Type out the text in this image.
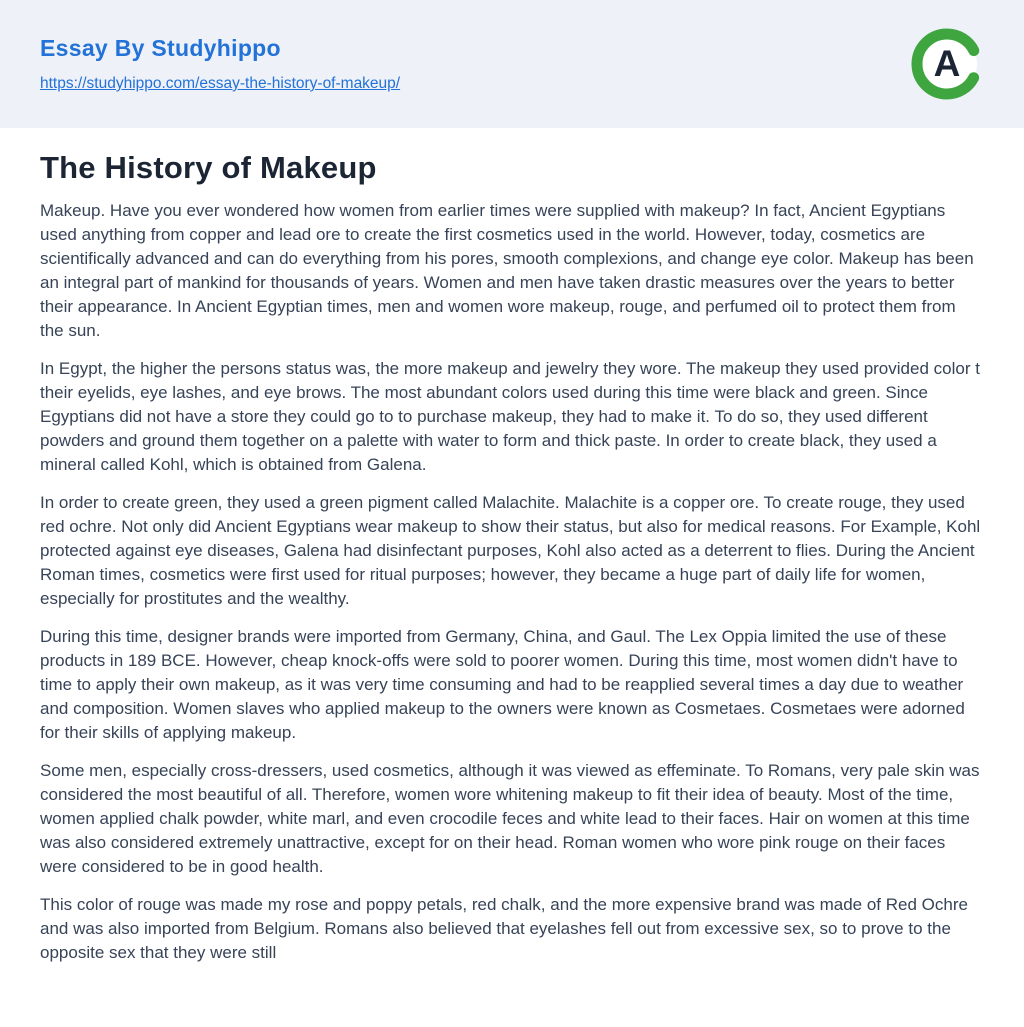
Essay By Studyhippo
https://studyhippo.com/essay-the-history-of-makeup/	A
The History of Makeup

Makeup. Have you ever wondered how women from earlier times were supplied with makeup? In fact, Ancient Egyptians used anything from copper and lead ore to create the first cosmetics used in the world. However, today, cosmetics are scientifically advanced and can do everything from his pores, smooth complexions, and change eye color. Makeup has been an integral part of mankind for thousands of years. Women and men have taken drastic measures over the years to better their appearance. In Ancient Egyptian times, men and women wore makeup, rouge, and perfumed oil to protect them from the sun.

In Egypt, the higher the persons status was, the more makeup and jewelry they wore. The makeup they used provided color t their eyelids, eye lashes, and eye brows. The most abundant colors used during this time were black and green. Since Egyptians did not have a store they could go to to purchase makeup, they had to make it. To do so, they used different powders and ground them together on a palette with water to form and thick paste. In order to create black, they used a mineral called Kohl, which is obtained from Galena.

In order to create green, they used a green pigment called Malachite. Malachite is a copper ore. To create rouge, they used red ochre. Not only did Ancient Egyptians wear makeup to show their status, but also for medical reasons. For Example, Kohl protected against eye diseases, Galena had disinfectant purposes, Kohl also acted as a deterrent to flies. During the Ancient Roman times, cosmetics were first used for ritual purposes; however, they became a huge part of daily life for women, especially for prostitutes and the wealthy.

During this time, designer brands were imported from Germany, China, and Gaul. The Lex Oppia limited the use of these products in 189 BCE. However, cheap knock-offs were sold to poorer women. During this time, most women didn't have to time to apply their own makeup, as it was very time consuming and had to be reapplied several times a day due to weather and composition. Women slaves who applied makeup to the owners were known as Cosmetaes. Cosmetaes were adorned for their skills of applying makeup.

Some men, especially cross-dressers, used cosmetics, although it was viewed as effeminate. To Romans, very pale skin was considered the most beautiful of all. Therefore, women wore whitening makeup to fit their idea of beauty. Most of the time, women applied chalk powder, white marl, and even crocodile feces and white lead to their faces. Hair on women at this time was also considered extremely unattractive, except for on their head. Roman women who wore pink rouge on their faces were considered to be in good health.

This color of rouge was made my rose and poppy petals, red chalk, and the more expensive brand was made of Red Ochre and was also imported from Belgium. Romans also believed that eyelashes fell out from excessive sex, so to prove to the opposite sex that they were still
